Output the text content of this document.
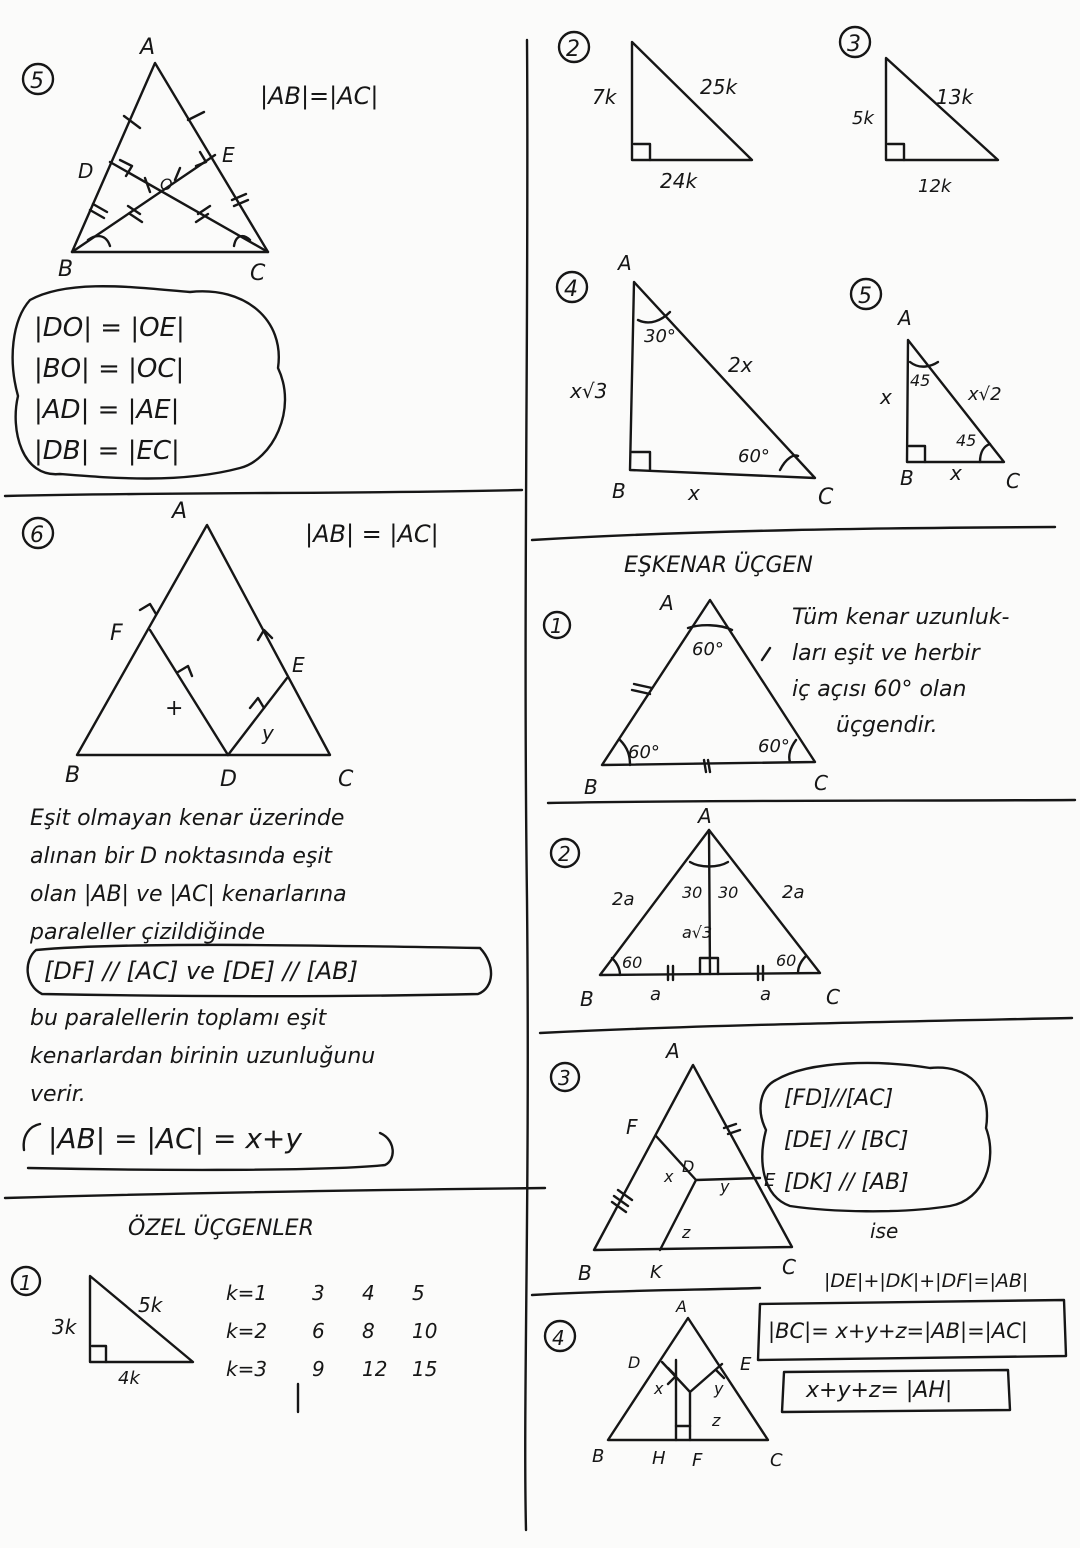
5
A
B	C
D
E
O
|AB|=|AC|
6
A
B	C
D
F
E
+
y
|AB| = |AC|
ÖZEL ÜÇGENLER
1
3k
4k
5k
2
7k
24k
25k
3
5k
12k
13k
4
A
B	C
30°
60°
x√3
x
2x
5
A
B	C
45
45
x
x
x√2
EŞKENAR ÜÇGEN
1
A
B	C
60°
60°	60°
2
A
B	C
2a	2a
30 30
a√3
60	60
a	a
3
A
B	C
D
E
F
K
x
y
z
4
A
B	C
D	E
H F
x	y
z
|DO| = |OE|
|BO| = |OC|
|AD| = |AE|
|DB| = |EC|
Eşit olmayan kenar üzerinde
alınan bir D noktasında eşit
olan |AB| ve |AC| kenarlarına
paraleller çizildiğinde
[DF] // [AC] ve [DE] // [AB]
bu paralellerin toplamı eşit
kenarlardan birinin uzunluğunu
verir.
|AB| = |AC| = x+y
k=1 3 4 5
k=2 6 8 10
k=3 9 12 15
Tüm kenar uzunluk-
ları eşit ve herbir
iç açısı 60° olan
üçgendir.
[FD]//[AC]
[DE] // [BC]
[DK] // [AB]
ise
|DE|+|DK|+|DF|=|AB|
|BC|= x+y+z=|AB|=|AC|
x+y+z= |AH|
